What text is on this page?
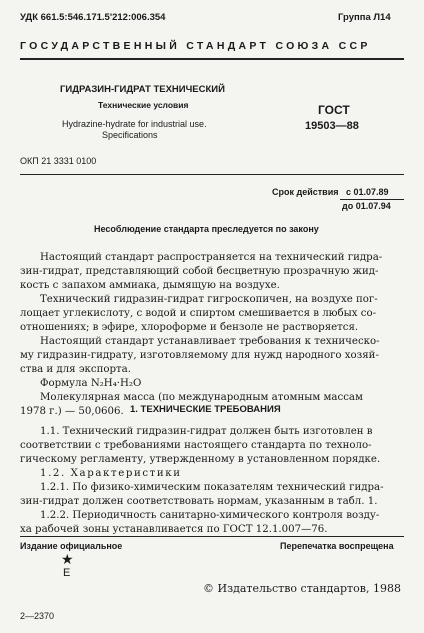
УДК 661.5:546.171.5'212:006.354	Группа Л14
ГОСУДАРСТВЕННЫЙ СТАНДАРТ СОЮЗА ССР
ГИДРАЗИН-ГИДРАТ ТЕХНИЧЕСКИЙ
Технические условия
Hydrazine-hydrate for industrial use.
Specifications
ГОСТ
19503—88
ОКП 21 3331 0100
Срок действия с 01.07.89
до 01.07.94
Несоблюдение стандарта преследуется по закону

Настоящий стандарт распространяется на технический гидра-

зин-гидрат, представляющий собой бесцветную прозрачную жид-

кость с запахом аммиака, дымящую на воздухе.

Технический гидразин-гидрат гигроскопичен, на воздухе пог-

лощает углекислоту, с водой и спиртом смешивается в любых со-

отношениях; в эфире, хлороформе и бензоле не растворяется.

Настоящий стандарт устанавливает требования к техническо-

му гидразин-гидрату, изготовляемому для нужд народного хозяй-

ства и для экспорта.

Формула N₂H₄·H₂O

Молекулярная масса (по международным атомным массам

1978 г.) — 50,0606. 1. ТЕХНИЧЕСКИЕ ТРЕБОВАНИЯ

1.1. Технический гидразин-гидрат должен быть изготовлен в

соответствии с требованиями настоящего стандарта по техноло-

гическому регламенту, утвержденному в установленном порядке.

1.2. Характеристики

1.2.1. По физико-химическим показателям технический гидра-

зин-гидрат должен соответствовать нормам, указанным в табл. 1.

1.2.2. Периодичность санитарно-химического контроля возду-

ха рабочей зоны устанавливается по ГОСТ 12.1.007—76.

Издание официальное	Перепечатка воспрещена
★
Е
© Издательство стандартов, 1988
2—2370
